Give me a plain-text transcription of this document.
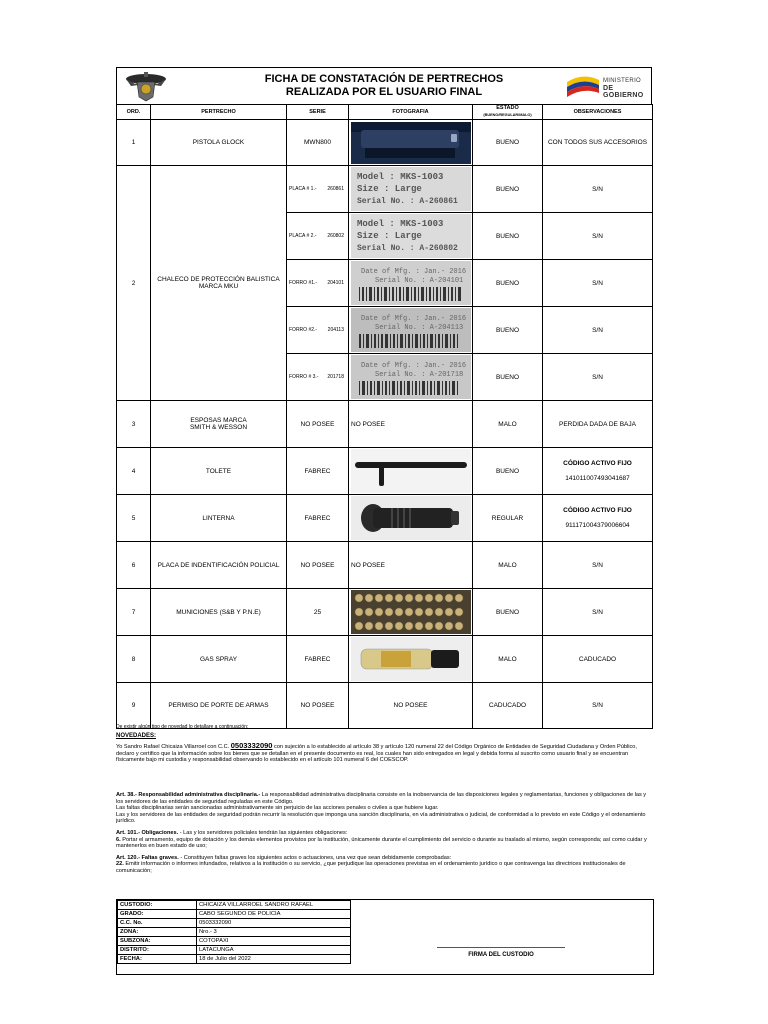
FICHA DE CONSTATACIÓN DE PERTRECHOS
REALIZADA POR EL USUARIO FINAL
MINISTERIO
DE GOBIERNO
ORD.	PERTRECHO	SERIE	FOTOGRAFIA	ESTADO (BUENO/REGULAR/MALO)	OBSERVACIONES
1	PISTOLA GLOCK	MWN800		BUENO	CON TODOS SUS ACCESORIOS
2	CHALECO DE PROTECCIÓN BALISTICA MARCA MKU	PLACA # 1.- 260861	Model : MKS-1003
Size : Large
Serial No. : A-260861	BUENO	S/N
		PLACA # 2.- 260802	Model : MKS-1003
Size : Large
Serial No. : A-260802	BUENO	S/N
		FORRO #1.- 204101	Date of Mfg. : Jan.- 2016
Serial No. : A-204101	BUENO	S/N
		FORRO #2.- 204113	Date of Mfg. : Jan.- 2016
Serial No. : A-204113	BUENO	S/N
		FORRO # 3.- 201718	Date of Mfg. : Jan.- 2016
Serial No. : A-201718	BUENO	S/N
3	ESPOSAS MARCA
SMITH & WESSON	NO POSEE	NO POSEE	MALO	PERDIDA DADA DE BAJA
4	TOLETE	FABREC		BUENO	CÓDIGO ACTIVO FIJO
141011007493041687

5	LINTERNA	FABREC		REGULAR	CÓDIGO ACTIVO FIJO
911171004379006604

6	PLACA DE INDENTIFICACIÓN POLICIAL	NO POSEE	NO POSEE	MALO	S/N
7	MUNICIONES (S&B Y P.N.E)	25		BUENO	S/N
8	GAS SPRAY	FABREC		MALO	CADUCADO
9	PERMISO DE PORTE DE ARMAS	NO POSEE	NO POSEE	CADUCADO	S/N

De existir algún tipo de novedad lo detallare a continuación;

NOVEDADES:

Yo Sandro Rafael Chicaiza Villarroel con C.C. 0503332090 con sujeción a lo establecido al artículo 38 y artículo 120 numeral 22 del Código Orgánico de Entidades de Seguridad Ciudadana y Orden Público, declaro y certifico que la información sobre los bienes que se detallan en el presente documento es real, los cuales han sido entregados en legal y debida forma al suscrito como usuario final y se encuentran físicamente bajo mi custodia y responsabilidad observando lo establecido en el artículo 101 numeral 6 del COESCOP.

Art. 38.- Responsabilidad administrativa disciplinaria.- La responsabilidad administrativa disciplinaria consiste en la inobservancia de las disposiciones legales y reglamentarias, funciones y obligaciones de las y los servidores de las entidades de seguridad reguladas en este Código.

Las faltas disciplinarias serán sancionadas administrativamente sin perjuicio de las acciones penales o civiles a que hubiere lugar.

Las y los servidores de las entidades de seguridad podrán recurrir la resolución que imponga una sanción disciplinaria, en vía administrativa o judicial, de conformidad a lo previsto en este Código y el ordenamiento jurídico.

Art. 101.- Obligaciones. - Las y los servidores policiales tendrán las siguientes obligaciones:

6. Portar el armamento, equipo de dotación y los demás elementos provistos por la institución, únicamente durante el cumplimiento del servicio o durante su traslado al mismo, según corresponda; así como cuidar y mantenerlos en buen estado de uso;

Art. 120.- Faltas graves. - Constituyen faltas graves los siguientes actos o actuaciones, una vez que sean debidamente comprobadas:

22. Emitir información o informes infundados, relativos a la institución o su servicio, ¿que perjudique las operaciones previstas en el ordenamiento jurídico o que contravenga las directrices institucionales de comunicación;

CUSTODIO:	CHICAIZA VILLARROEL SANDRO RAFAEL
GRADO:	CABO SEGUNDO DE POLICIA
C.C. No.	0503332090
ZONA:	Nro.- 3
SUBZONA:	COTOPAXI
DISTRITO:	LATACUNGA
FECHA:	18 de Julio del 2022
FIRMA DEL CUSTODIO
